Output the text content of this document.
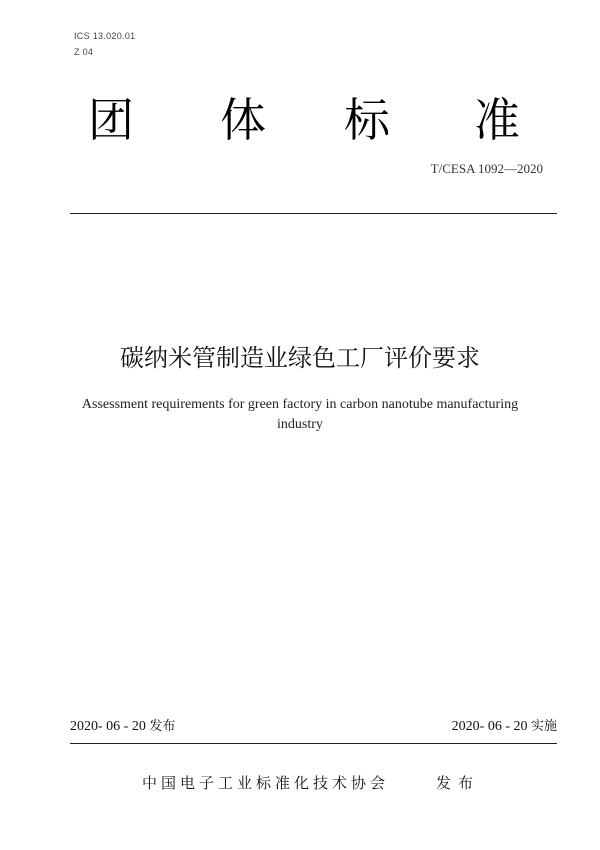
ICS 13.020.01
Z 04
团 体 标 准
T/CESA 1092—2020
碳纳米管制造业绿色工厂评价要求
Assessment requirements for green factory in carbon nanotube manufacturing industry
2020- 06 - 20 发布	2020- 06 - 20 实施
中国电子工业标准化技术协会	发布
